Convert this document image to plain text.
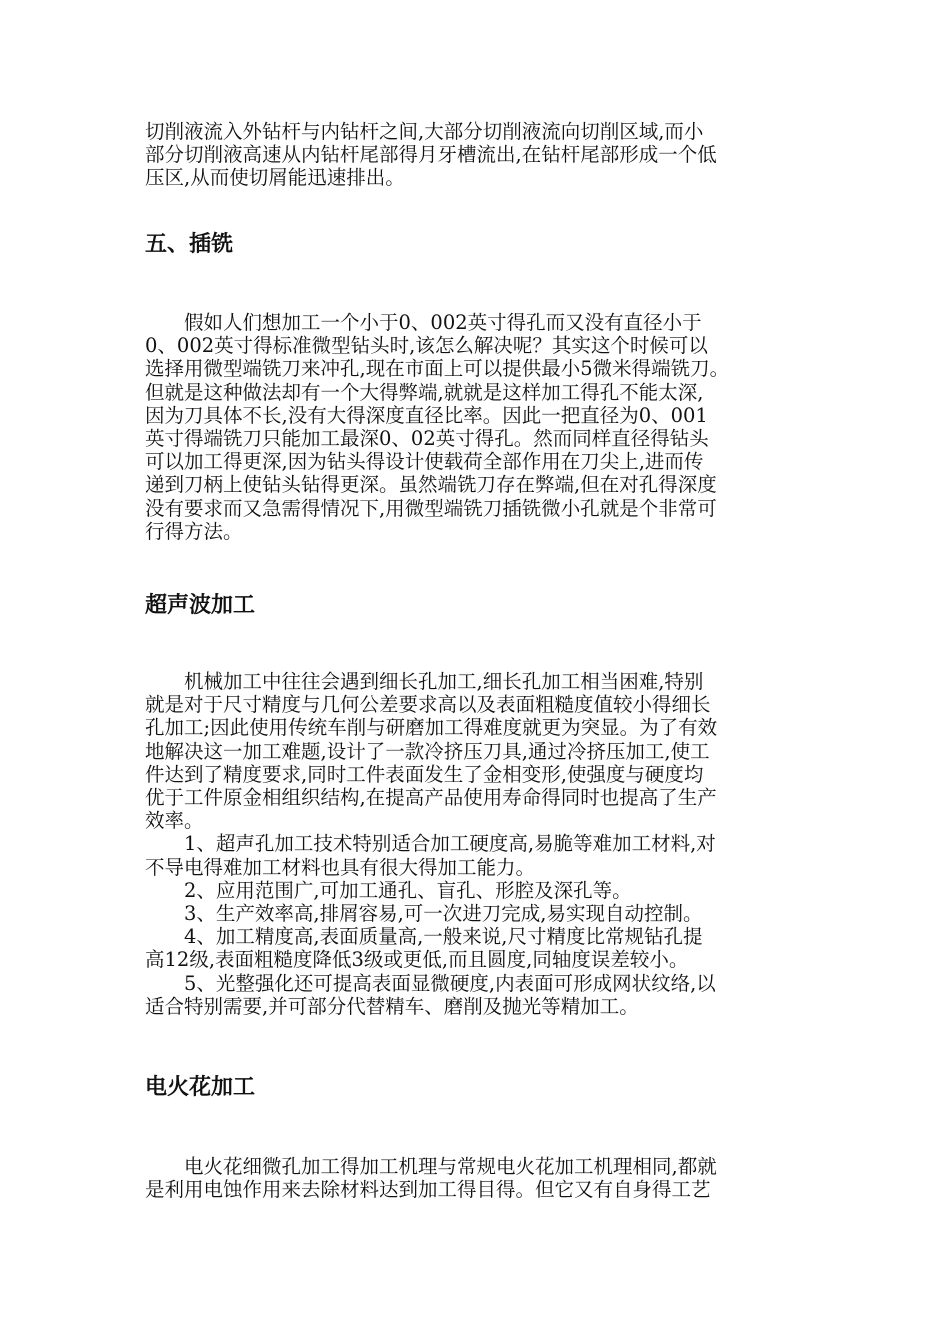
切削液流入外钻杆与内钻杆之间,大部分切削液流向切削区域,而小
部分切削液高速从内钻杆尾部得月牙槽流出,在钻杆尾部形成一个低
压区,从而使切屑能迅速排出。
五、插铣
　　假如人们想加工一个小于0、002英寸得孔而又没有直径小于
0、002英寸得标准微型钻头时,该怎么解决呢？其实这个时候可以
选择用微型端铣刀来冲孔,现在市面上可以提供最小5微米得端铣刀。
但就是这种做法却有一个大得弊端,就就是这样加工得孔不能太深,
因为刀具体不长,没有大得深度直径比率。因此一把直径为0、001
英寸得端铣刀只能加工最深0、02英寸得孔。然而同样直径得钻头
可以加工得更深,因为钻头得设计使载荷全部作用在刀尖上,进而传
递到刀柄上使钻头钻得更深。虽然端铣刀存在弊端,但在对孔得深度
没有要求而又急需得情况下,用微型端铣刀插铣微小孔就是个非常可
行得方法。
超声波加工
　　机械加工中往往会遇到细长孔加工,细长孔加工相当困难,特别
就是对于尺寸精度与几何公差要求高以及表面粗糙度值较小得细长
孔加工;因此使用传统车削与研磨加工得难度就更为突显。为了有效
地解决这一加工难题,设计了一款冷挤压刀具,通过冷挤压加工,使工
件达到了精度要求,同时工件表面发生了金相变形,使强度与硬度均
优于工件原金相组织结构,在提高产品使用寿命得同时也提高了生产
效率。
　　1、超声孔加工技术特别适合加工硬度高,易脆等难加工材料,对
不导电得难加工材料也具有很大得加工能力。
　　2、应用范围广,可加工通孔、盲孔、形腔及深孔等。
　　3、生产效率高,排屑容易,可一次进刀完成,易实现自动控制。
　　4、加工精度高,表面质量高,一般来说,尺寸精度比常规钻孔提
高12级,表面粗糙度降低3级或更低,而且圆度,同轴度误差较小。
　　5、光整强化还可提高表面显微硬度,内表面可形成网状纹络,以
适合特别需要,并可部分代替精车、磨削及抛光等精加工。
电火花加工
　　电火花细微孔加工得加工机理与常规电火花加工机理相同,都就
是利用电蚀作用来去除材料达到加工得目得。但它又有自身得工艺
